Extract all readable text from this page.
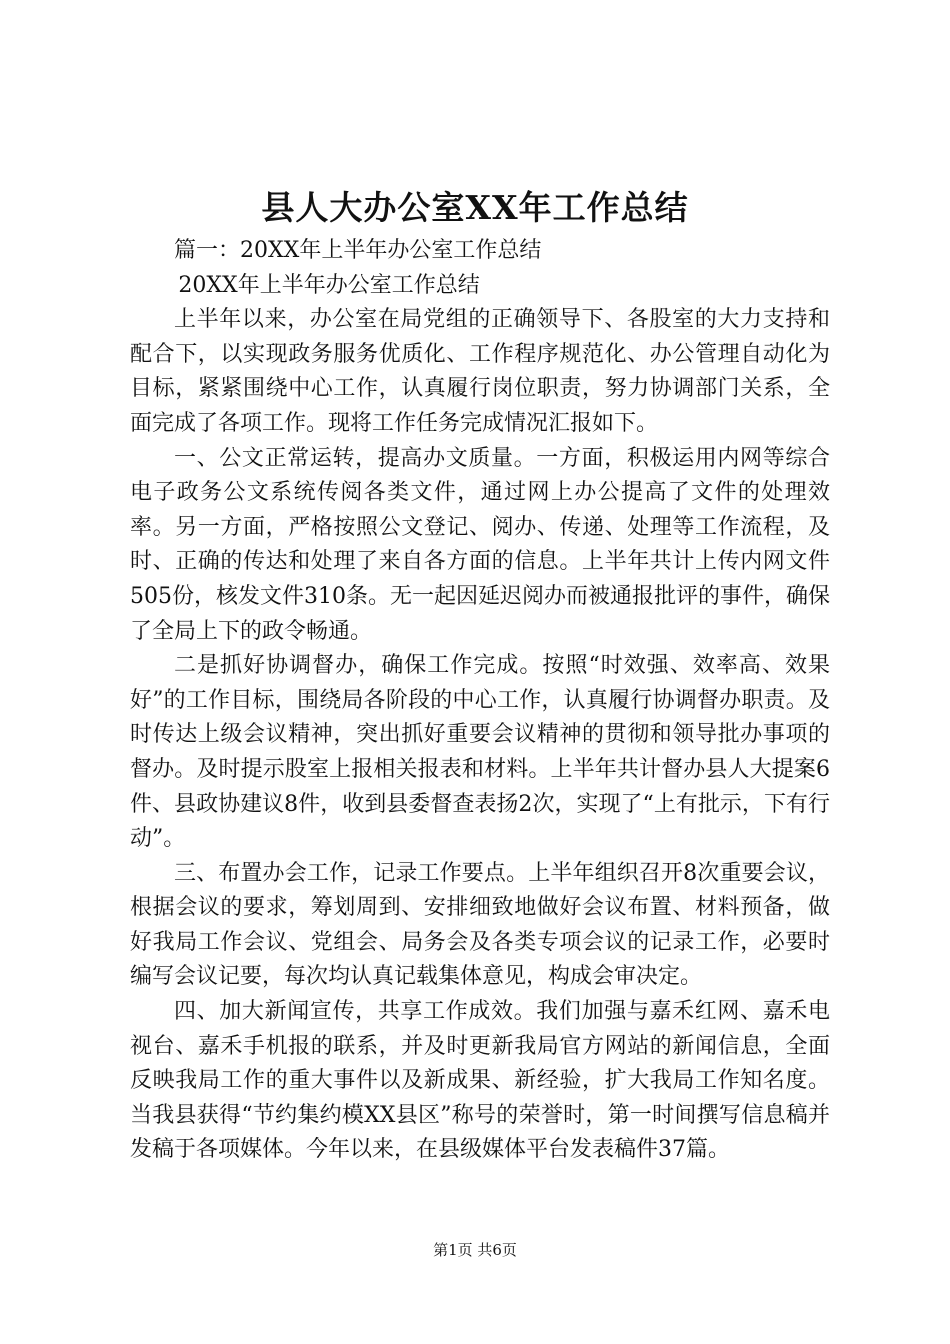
县人大办公室XX年工作总结

篇一：20XX年上半年办公室工作总结

20XX年上半年办公室工作总结

上半年以来，办公室在局党组的正确领导下、各股室的大力支持和配合下，以实现政务服务优质化、工作程序规范化、办公管理自动化为目标，紧紧围绕中心工作，认真履行岗位职责，努力协调部门关系，全面完成了各项工作。现将工作任务完成情况汇报如下。

一、公文正常运转，提高办文质量。一方面，积极运用内网等综合电子政务公文系统传阅各类文件，通过网上办公提高了文件的处理效率。另一方面，严格按照公文登记、阅办、传递、处理等工作流程，及时、正确的传达和处理了来自各方面的信息。上半年共计上传内网文件505份，核发文件310条。无一起因延迟阅办而被通报批评的事件，确保了全局上下的政令畅通。

二是抓好协调督办，确保工作完成。按照“时效强、效率高、效果好”的工作目标，围绕局各阶段的中心工作，认真履行协调督办职责。及时传达上级会议精神，突出抓好重要会议精神的贯彻和领导批办事项的督办。及时提示股室上报相关报表和材料。上半年共计督办县人大提案6件、县政协建议8件，收到县委督查表扬2次，实现了“上有批示，下有行动”。

三、布置办会工作，记录工作要点。上半年组织召开8次重要会议，根据会议的要求，筹划周到、安排细致地做好会议布置、材料预备，做好我局工作会议、党组会、局务会及各类专项会议的记录工作，必要时编写会议记要，每次均认真记载集体意见，构成会审决定。

四、加大新闻宣传，共享工作成效。我们加强与嘉禾红网、嘉禾电视台、嘉禾手机报的联系，并及时更新我局官方网站的新闻信息，全面反映我局工作的重大事件以及新成果、新经验，扩大我局工作知名度。当我县获得“节约集约模XX县区”称号的荣誉时，第一时间撰写信息稿并发稿于各项媒体。今年以来，在县级媒体平台发表稿件37篇。

第1页 共6页
